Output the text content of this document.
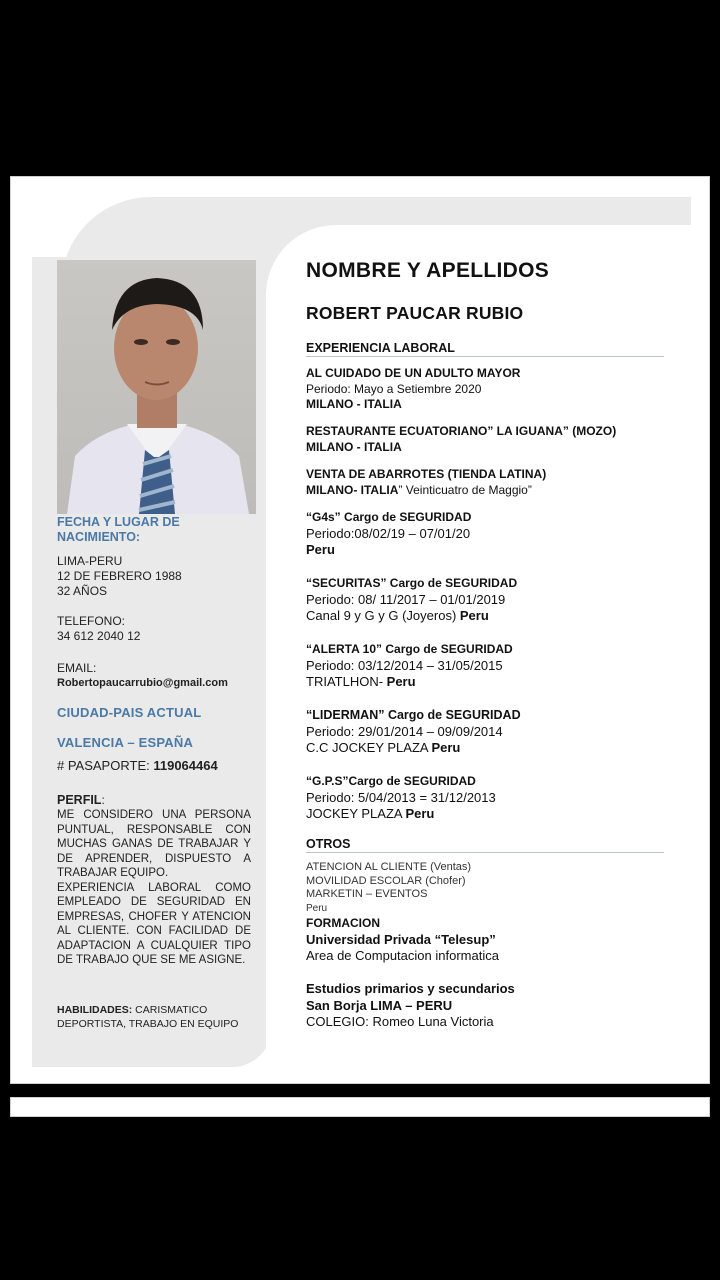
FECHA Y LUGAR DE
NACIMIENTO:
LIMA-PERU
12 DE FEBRERO 1988
32 AÑOS
TELEFONO:
34 612 2040 12
EMAIL:
Robertopaucarrubio@gmail.com
CIUDAD-PAIS ACTUAL
VALENCIA – ESPAÑA
# PASAPORTE: 119064464
PERFIL:
ME CONSIDERO UNA PERSONA PUNTUAL, RESPONSABLE CON MUCHAS GANAS DE TRABAJAR Y DE APRENDER, DISPUESTO A TRABAJAR EQUIPO.
EXPERIENCIA LABORAL COMO EMPLEADO DE SEGURIDAD EN EMPRESAS, CHOFER Y ATENCION AL CLIENTE. CON FACILIDAD DE ADAPTACION A CUALQUIER TIPO DE TRABAJO QUE SE ME ASIGNE.
HABILIDADES: CARISMATICO
DEPORTISTA, TRABAJO EN EQUIPO
NOMBRE Y APELLIDOS
ROBERT PAUCAR RUBIO
EXPERIENCIA LABORAL
AL CUIDADO DE UN ADULTO MAYOR
Periodo: Mayo a Setiembre 2020
MILANO - ITALIA
RESTAURANTE ECUATORIANO” LA IGUANA” (MOZO)
MILANO - ITALIA
VENTA DE ABARROTES (TIENDA LATINA)
MILANO- ITALIA” Veinticuatro de Maggio”
“G4s” Cargo de SEGURIDAD
Periodo:08/02/19 – 07/01/20
Peru
“SECURITAS” Cargo de SEGURIDAD
Periodo: 08/ 11/2017 – 01/01/2019
Canal 9 y G y G (Joyeros) Peru
“ALERTA 10” Cargo de SEGURIDAD
Periodo: 03/12/2014 – 31/05/2015
TRIATLHON- Peru
“LIDERMAN” Cargo de SEGURIDAD
Periodo: 29/01/2014 – 09/09/2014
C.C JOCKEY PLAZA Peru
“G.P.S”Cargo de SEGURIDAD
Periodo: 5/04/2013 = 31/12/2013
JOCKEY PLAZA Peru
OTROS
ATENCION AL CLIENTE (Ventas)
MOVILIDAD ESCOLAR (Chofer)
MARKETIN – EVENTOS
Peru
FORMACION
Universidad Privada “Telesup”
Area de Computacion informatica
Estudios primarios y secundarios
San Borja LIMA – PERU
COLEGIO: Romeo Luna Victoria
